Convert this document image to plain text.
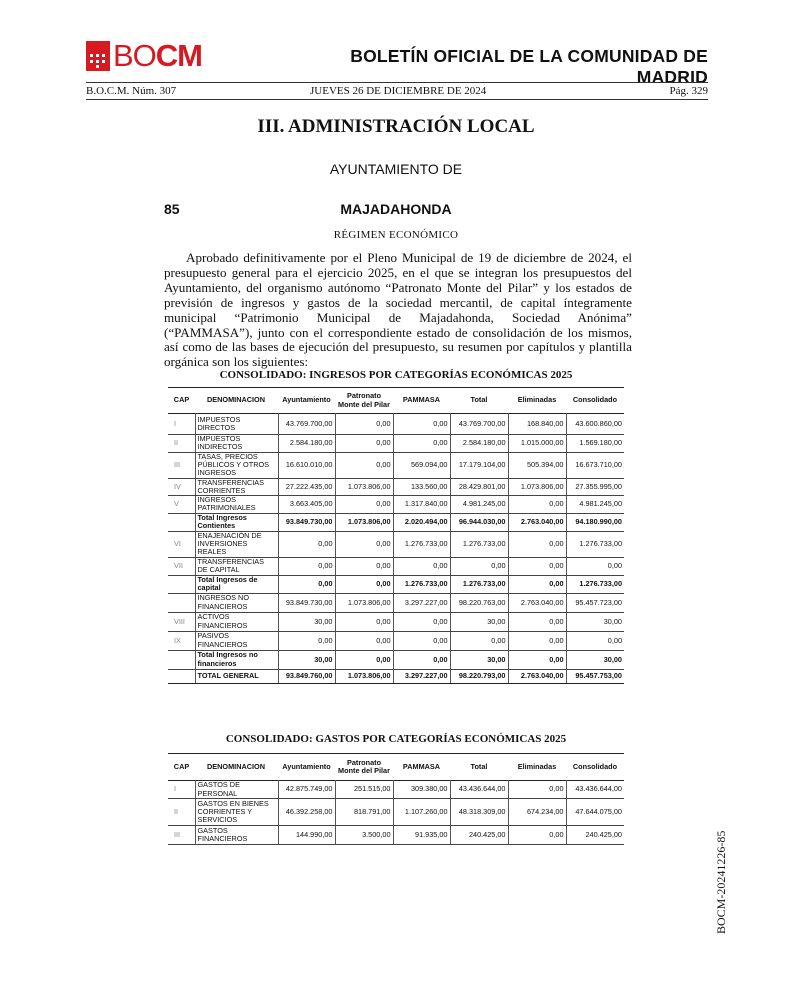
BOCM	BOLETÍN OFICIAL DE LA COMUNIDAD DE MADRID
B.O.C.M. Núm. 307	JUEVES 26 DE DICIEMBRE DE 2024	Pág. 329
III. ADMINISTRACIÓN LOCAL
AYUNTAMIENTO DE
85	MAJADAHONDA
RÉGIMEN ECONÓMICO
Aprobado definitivamente por el Pleno Municipal de 19 de diciembre de 2024, el presupuesto general para el ejercicio 2025, en el que se integran los presupuestos del Ayuntamiento, del organismo autónomo “Patronato Monte del Pilar” y los estados de previsión de ingresos y gastos de la sociedad mercantil, de capital íntegramente municipal “Patrimonio Municipal de Majadahonda, Sociedad Anónima” (“PAMMASA”), junto con el correspondiente estado de consolidación de los mismos, así como de las bases de ejecución del presupuesto, su resumen por capítulos y plantilla orgánica son los siguientes:
CONSOLIDADO: INGRESOS POR CATEGORÍAS ECONÓMICAS 2025
CAP	DENOMINACION	Ayuntamiento	Patronato Monte del Pilar	PAMMASA	Total	Eliminadas	Consolidado
I	IMPUESTOS DIRECTOS	43.769.700,00	0,00	0,00	43.769.700,00	168.840,00	43.600.860,00
II	IMPUESTOS INDIRECTOS	2.584.180,00	0,00	0,00	2.584.180,00	1.015.000,00	1.569.180,00
III	TASAS, PRECIOS PÚBLICOS Y OTROS INGRESOS	16.610.010,00	0,00	569.094,00	17.179.104,00	505.394,00	16.673.710,00
IV	TRANSFERENCIAS CORRIENTES	27.222.435,00	1.073.806,00	133.560,00	28.429.801,00	1.073.806,00	27.355.995,00
V	INGRESOS PATRIMONIALES	3.663.405,00	0,00	1.317.840,00	4.981.245,00	0,00	4.981.245,00
	Total Ingresos Contientes	93.849.730,00	1.073.806,00	2.020.494,00	96.944.030,00	2.763.040,00	94.180.990,00
VI	ENAJENACIÓN DE INVERSIONES REALES	0,00	0,00	1.276.733,00	1.276.733,00	0,00	1.276.733,00
VII	TRANSFERENCIAS DE CAPITAL	0,00	0,00	0,00	0,00	0,00	0,00
	Total Ingresos de capital	0,00	0,00	1.276.733,00	1.276.733,00	0,00	1.276.733,00
	INGRESOS NO FINANCIEROS	93.849.730,00	1.073.806,00	3.297.227,00	98.220.763,00	2.763.040,00	95.457.723,00
VIII	ACTIVOS FINANCIEROS	30,00	0,00	0,00	30,00	0,00	30,00
IX	PASIVOS FINANCIEROS	0,00	0,00	0,00	0,00	0,00	0,00
	Total Ingresos no financieros	30,00	0,00	0,00	30,00	0,00	30,00
	TOTAL GENERAL	93.849.760,00	1.073.806,00	3.297.227,00	98.220.793,00	2.763.040,00	95.457.753,00
CONSOLIDADO: GASTOS POR CATEGORÍAS ECONÓMICAS 2025
CAP	DENOMINACION	Ayuntamiento	Patronato Monte del Pilar	PAMMASA	Total	Eliminadas	Consolidado
I	GASTOS DE PERSONAL	42.875.749,00	251.515,00	309.380,00	43.436.644,00	0,00	43.436.644,00
II	GASTOS EN BIENES CORRIENTES Y SERVICIOS	46.392.258,00	818.791,00	1.107.260,00	48.318.309,00	674.234,00	47.644.075,00
III	GASTOS FINANCIEROS	144.990,00	3.500,00	91.935,00	240.425,00	0,00	240.425,00	BOCM-20241226-85
